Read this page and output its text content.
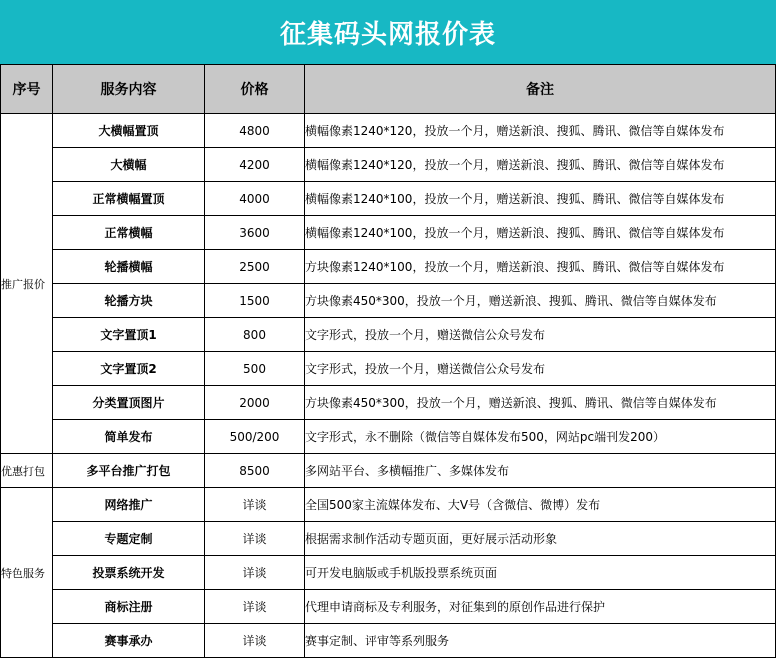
征集码头网报价表
序号	服务内容	价格	备注
推广报价	大横幅置顶	4800	横幅像素1240*120，投放一个月，赠送新浪、搜狐、腾讯、微信等自媒体发布
	大横幅	4200	横幅像素1240*120，投放一个月，赠送新浪、搜狐、腾讯、微信等自媒体发布
	正常横幅置顶	4000	横幅像素1240*100，投放一个月，赠送新浪、搜狐、腾讯、微信等自媒体发布
	正常横幅	3600	横幅像素1240*100，投放一个月，赠送新浪、搜狐、腾讯、微信等自媒体发布
	轮播横幅	2500	方块像素1240*100，投放一个月，赠送新浪、搜狐、腾讯、微信等自媒体发布
	轮播方块	1500	方块像素450*300，投放一个月，赠送新浪、搜狐、腾讯、微信等自媒体发布
	文字置顶1	800	文字形式，投放一个月，赠送微信公众号发布
	文字置顶2	500	文字形式，投放一个月，赠送微信公众号发布
	分类置顶图片	2000	方块像素450*300，投放一个月，赠送新浪、搜狐、腾讯、微信等自媒体发布
	简单发布	500/200	文字形式，永不删除（微信等自媒体发布500，网站pc端刊发200）
优惠打包	多平台推广打包	8500	多网站平台、多横幅推广、多媒体发布
特色服务	网络推广	详谈	全国500家主流媒体发布、大V号（含微信、微博）发布
	专题定制	详谈	根据需求制作活动专题页面，更好展示活动形象
	投票系统开发	详谈	可开发电脑版或手机版投票系统页面
	商标注册	详谈	代理申请商标及专利服务，对征集到的原创作品进行保护
	赛事承办	详谈	赛事定制、评审等系列服务
